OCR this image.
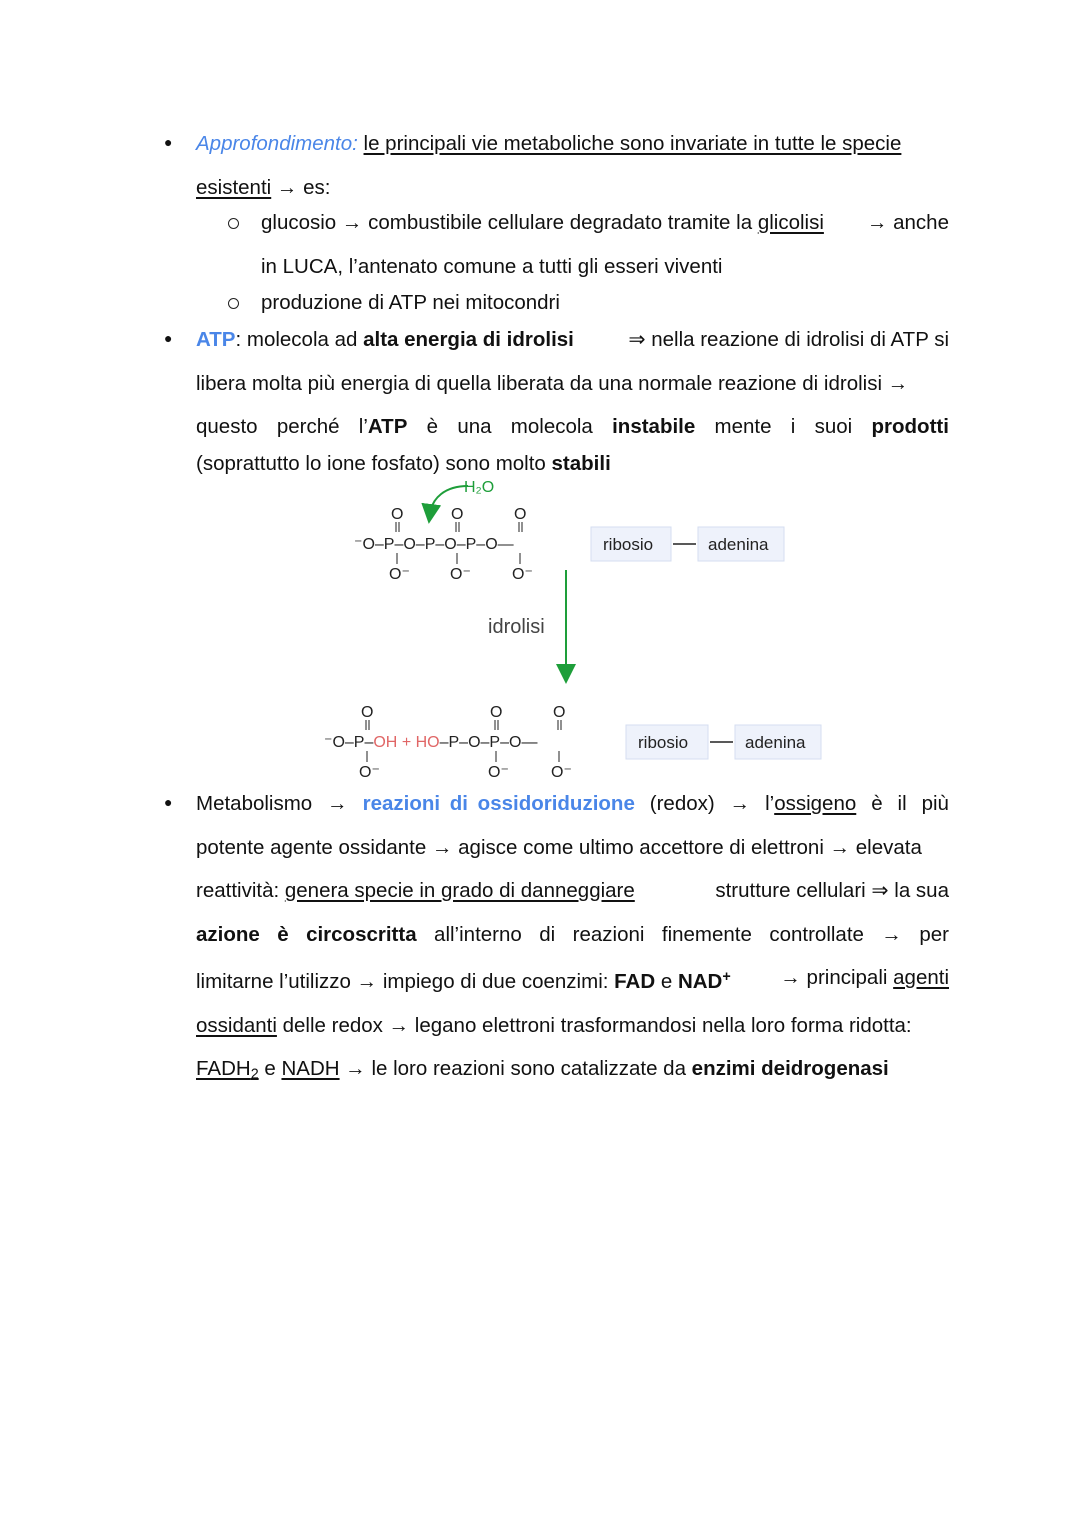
● Approfondimento: le principali vie metaboliche sono invariate in tutte le specie
esistenti → es:
glucosio → combustibile cellulare degradato tramite la glicolisi → anche
in LUCA, l’antenato comune a tutti gli esseri viventi
produzione di ATP nei mitocondri
● ATP: molecola ad alta energia di idrolisi	⇒ nella reazione di idrolisi di ATP si
libera molta più energia di quella liberata da una normale reazione di idrolisi →
questo perché l’ATP è una molecola instabile mente i suoi prodotti
(soprattutto lo ione fosfato) sono molto stabili
H₂O
O	O	O
⁻O–P–O–P–O–P–O—
O⁻	O⁻	O⁻
ribosio	adenina
idrolisi
O	O	O
⁻O–P–OH + HO–P–O–P–O—
O⁻	O⁻	O⁻
ribosio	adenina
● Metabolismo → reazioni di ossidoriduzione (redox) → l’ossigeno è il più
potente agente ossidante → agisce come ultimo accettore di elettroni → elevata
reattività: genera specie in grado di danneggiare	strutture cellulari ⇒ la sua
azione è circoscritta all’interno di reazioni finemente controllate → per
limitarne l’utilizzo → impiego di due coenzimi: FAD e NAD+ → principali agenti
ossidanti delle redox → legano elettroni trasformandosi nella loro forma ridotta:
$FADH_2$ e NADH → le loro reazioni sono catalizzate da enzimi deidrogenasi
